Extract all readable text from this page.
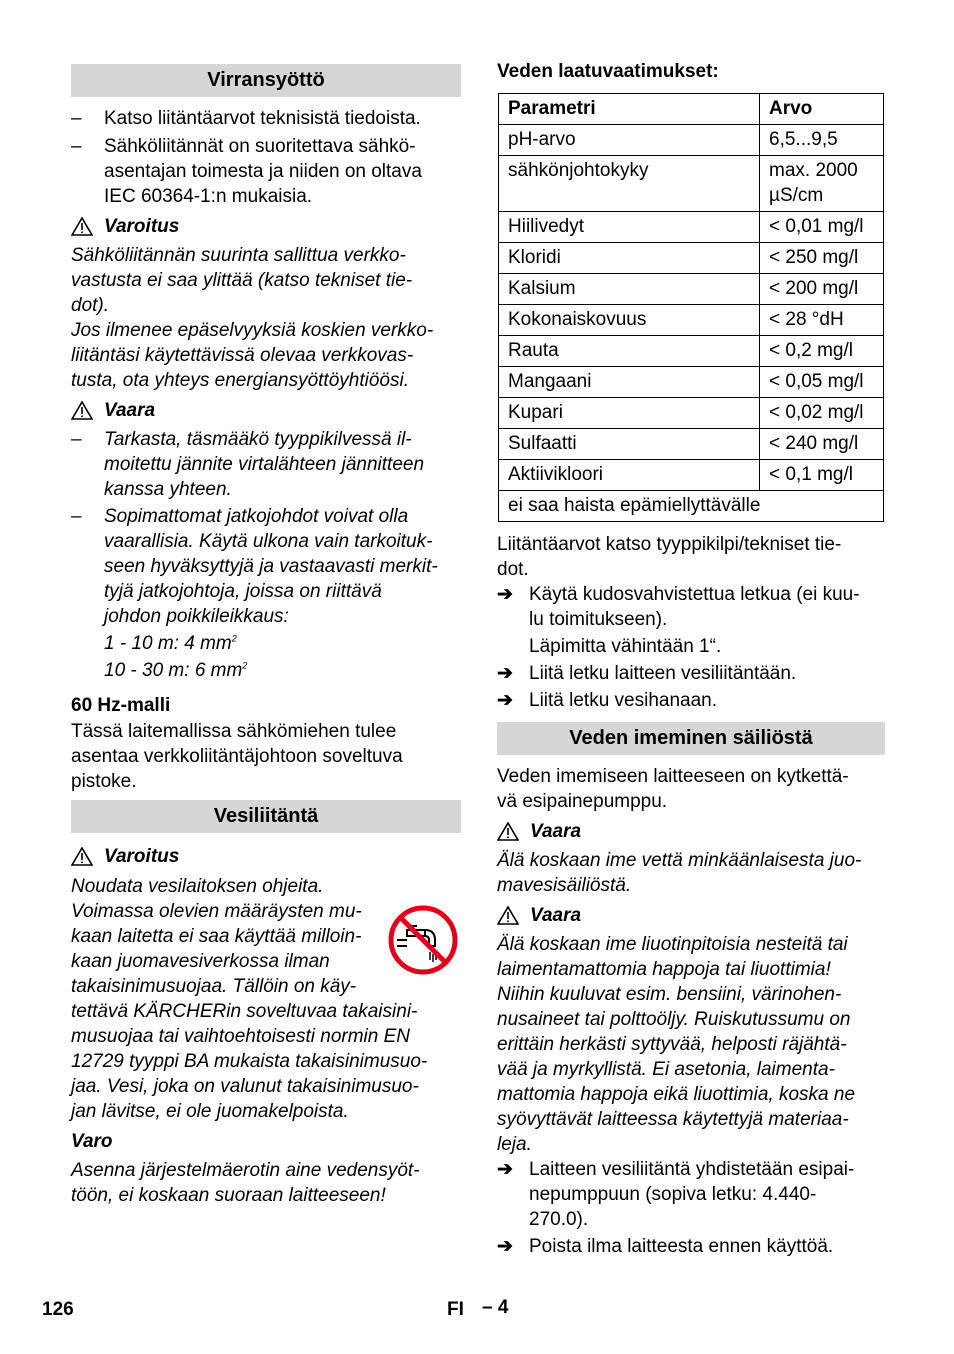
Virransyöttö
– Katso liitäntäarvot teknisistä tiedoista.
– Sähköliitännät on suoritettava sähkö-
asentajan toimesta ja niiden on oltava
IEC 60364-1:n mukaisia.
Varoitus
Sähköliitännän suurinta sallittua verkko-
vastusta ei saa ylittää (katso tekniset tie-
dot).
Jos ilmenee epäselvyyksiä koskien verkko-
liitäntäsi käytettävissä olevaa verkkovas-
tusta, ota yhteys energiansyöttöyhtiöösi.
Vaara
– Tarkasta, täsmääkö tyyppikilvessä il-
moitettu jännite virtalähteen jännitteen
kanssa yhteen.
– Sopimattomat jatkojohdot voivat olla
vaarallisia. Käytä ulkona vain tarkoituk-
seen hyväksyttyjä ja vastaavasti merkit-
tyjä jatkojohtoja, joissa on riittävä
johdon poikkileikkaus:
1 - 10 m: 4 $mm^2$
10 - 30 m: 6 $mm^2$
60 Hz-malli
Tässä laitemallissa sähkömiehen tulee
asentaa verkkoliitäntäjohtoon soveltuva
pistoke.
Vesiliitäntä
Varoitus
Noudata vesilaitoksen ohjeita.
Voimassa olevien määräysten mu-
kaan laitetta ei saa käyttää milloin-
kaan juomavesiverkossa ilman
takaisinimusuojaa. Tällöin on käy-
tettävä KÄRCHERin soveltuvaa takaisini-
musuojaa tai vaihtoehtoisesti normin EN
12729 tyyppi BA mukaista takaisinimusuo-
jaa. Vesi, joka on valunut takaisinimusuo-
jan lävitse, ei ole juomakelpoista.
Varo
Asenna järjestelmäerotin aine vedensyöt-
töön, ei koskaan suoraan laitteeseen!
Veden laatuvaatimukset:
Parametri	Arvo
pH-arvo	6,5...9,5
sähkönjohtokyky	max. 2000
µS/cm
Hiilivedyt	< 0,01 mg/l
Kloridi	< 250 mg/l
Kalsium	< 200 mg/l
Kokonaiskovuus	< 28 °dH
Rauta	< 0,2 mg/l
Mangaani	< 0,05 mg/l
Kupari	< 0,02 mg/l
Sulfaatti	< 240 mg/l
Aktiivikloori	< 0,1 mg/l
ei saa haista epämiellyttävälle	
Liitäntäarvot katso tyyppikilpi/tekniset tie-
dot.
➔ Käytä kudosvahvistettua letkua (ei kuu-
lu toimitukseen).
Läpimitta vähintään 1“.
➔ Liitä letku laitteen vesiliitäntään.
➔ Liitä letku vesihanaan.
Veden imeminen säiliöstä
Veden imemiseen laitteeseen on kytkettä-
vä esipainepumppu.
Vaara
Älä koskaan ime vettä minkäänlaisesta juo-
mavesisäiliöstä.
Vaara
Älä koskaan ime liuotinpitoisia nesteitä tai
laimentamattomia happoja tai liuottimia!
Niihin kuuluvat esim. bensiini, värinohen-
nusaineet tai polttoöljy. Ruiskutussumu on
erittäin herkästi syttyvää, helposti räjähtä-
vää ja myrkyllistä. Ei asetonia, laimenta-
mattomia happoja eikä liuottimia, koska ne
syövyttävät laitteessa käytettyjä materiaa-
leja.
➔ Laitteen vesiliitäntä yhdistetään esipai-
nepumppuun (sopiva letku: 4.440-
270.0).
➔ Poista ilma laitteesta ennen käyttöä.
126	FI – 4
